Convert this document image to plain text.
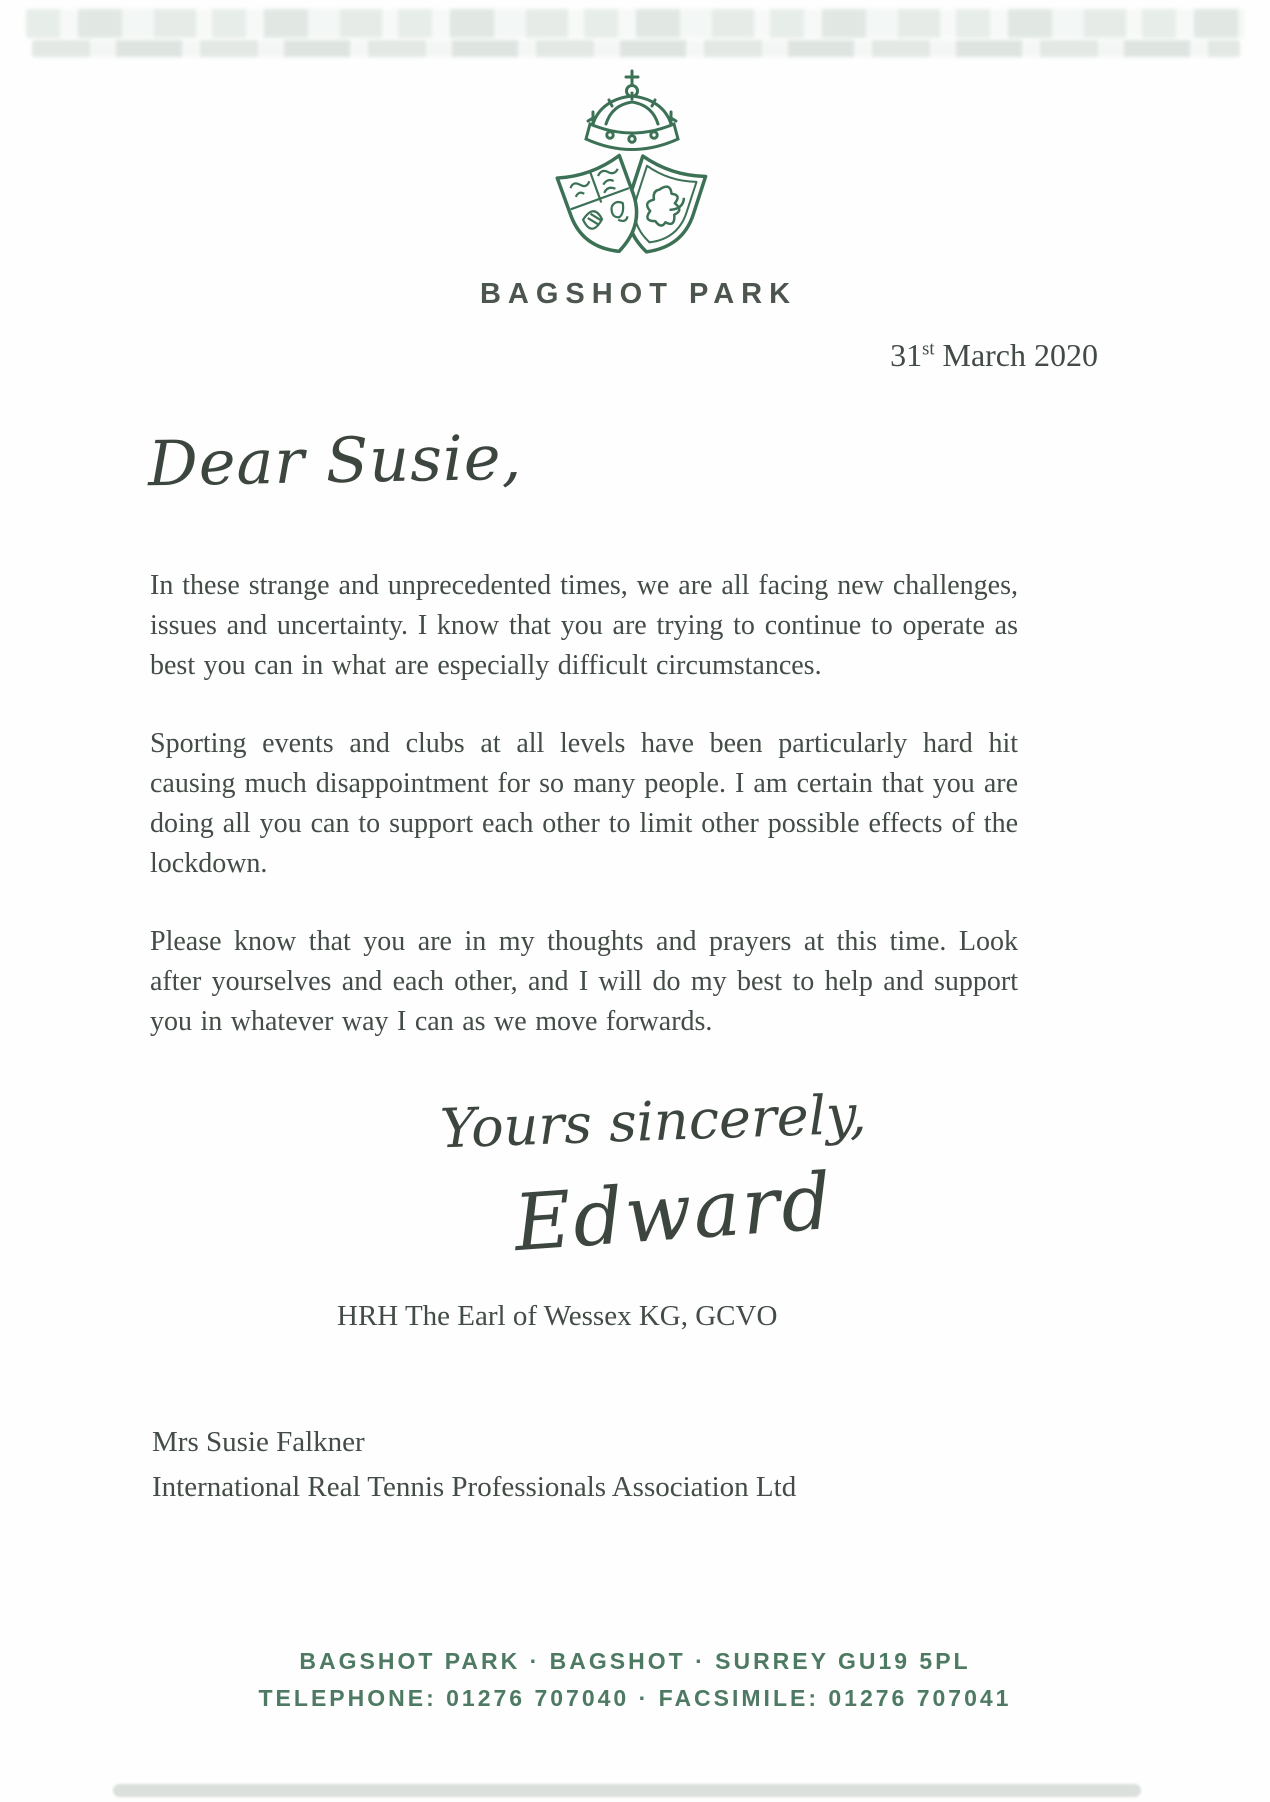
BAGSHOT PARK
31st March 2020
Dear Susie,

In these strange and unprecedented times, we are all facing new challenges, issues and uncertainty. I know that you are trying to continue to operate as best you can in what are especially difficult circumstances.

Sporting events and clubs at all levels have been particularly hard hit causing much disappointment for so many people. I am certain that you are doing all you can to support each other to limit other possible effects of the lockdown.

Please know that you are in my thoughts and prayers at this time. Look after yourselves and each other, and I will do my best to help and support you in whatever way I can as we move forwards.

Yours sincerely,
Edward
HRH The Earl of Wessex KG, GCVO
Mrs Susie Falkner
International Real Tennis Professionals Association Ltd
BAGSHOT PARK · BAGSHOT · SURREY GU19 5PL
TELEPHONE: 01276 707040 · FACSIMILE: 01276 707041
